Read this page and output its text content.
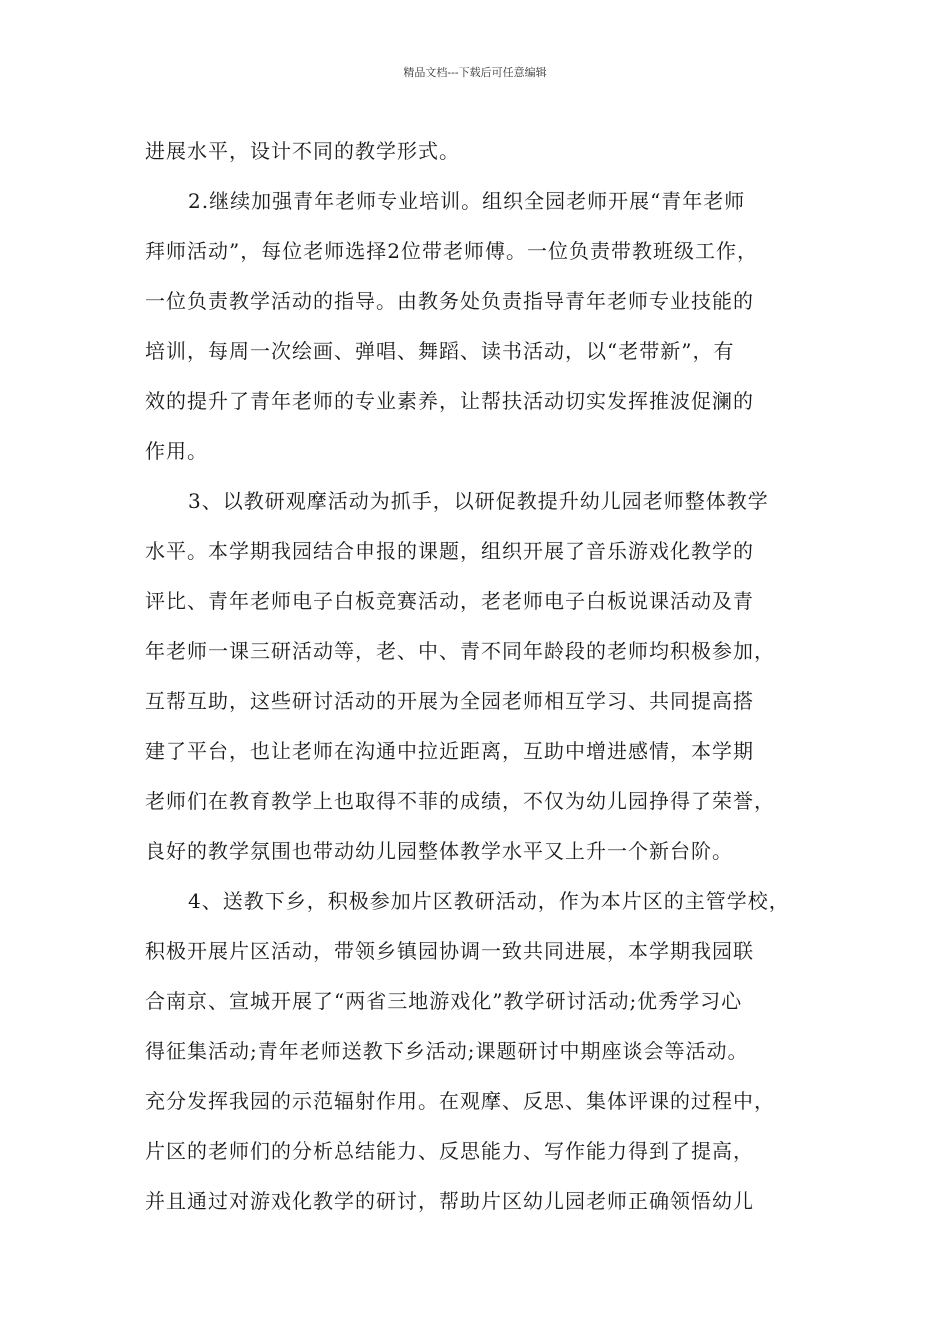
精品文档---下载后可任意编辑
进展水平，设计不同的教学形式。
2.继续加强青年老师专业培训。组织全园老师开展“青年老师
拜师活动”，每位老师选择2位带老师傅。一位负责带教班级工作，
一位负责教学活动的指导。由教务处负责指导青年老师专业技能的
培训，每周一次绘画、弹唱、舞蹈、读书活动，以“老带新”，有
效的提升了青年老师的专业素养，让帮扶活动切实发挥推波促澜的
作用。
3、以教研观摩活动为抓手，以研促教提升幼儿园老师整体教学
水平。本学期我园结合申报的课题，组织开展了音乐游戏化教学的
评比、青年老师电子白板竞赛活动，老老师电子白板说课活动及青
年老师一课三研活动等，老、中、青不同年龄段的老师均积极参加，
互帮互助，这些研讨活动的开展为全园老师相互学习、共同提高搭
建了平台，也让老师在沟通中拉近距离，互助中增进感情，本学期
老师们在教育教学上也取得不菲的成绩，不仅为幼儿园挣得了荣誉，
良好的教学氛围也带动幼儿园整体教学水平又上升一个新台阶。
4、送教下乡，积极参加片区教研活动，作为本片区的主管学校，
积极开展片区活动，带领乡镇园协调一致共同进展，本学期我园联
合南京、宣城开展了“两省三地游戏化”教学研讨活动;优秀学习心
得征集活动;青年老师送教下乡活动;课题研讨中期座谈会等活动。
充分发挥我园的示范辐射作用。在观摩、反思、集体评课的过程中，
片区的老师们的分析总结能力、反思能力、写作能力得到了提高，
并且通过对游戏化教学的研讨，帮助片区幼儿园老师正确领悟幼儿
